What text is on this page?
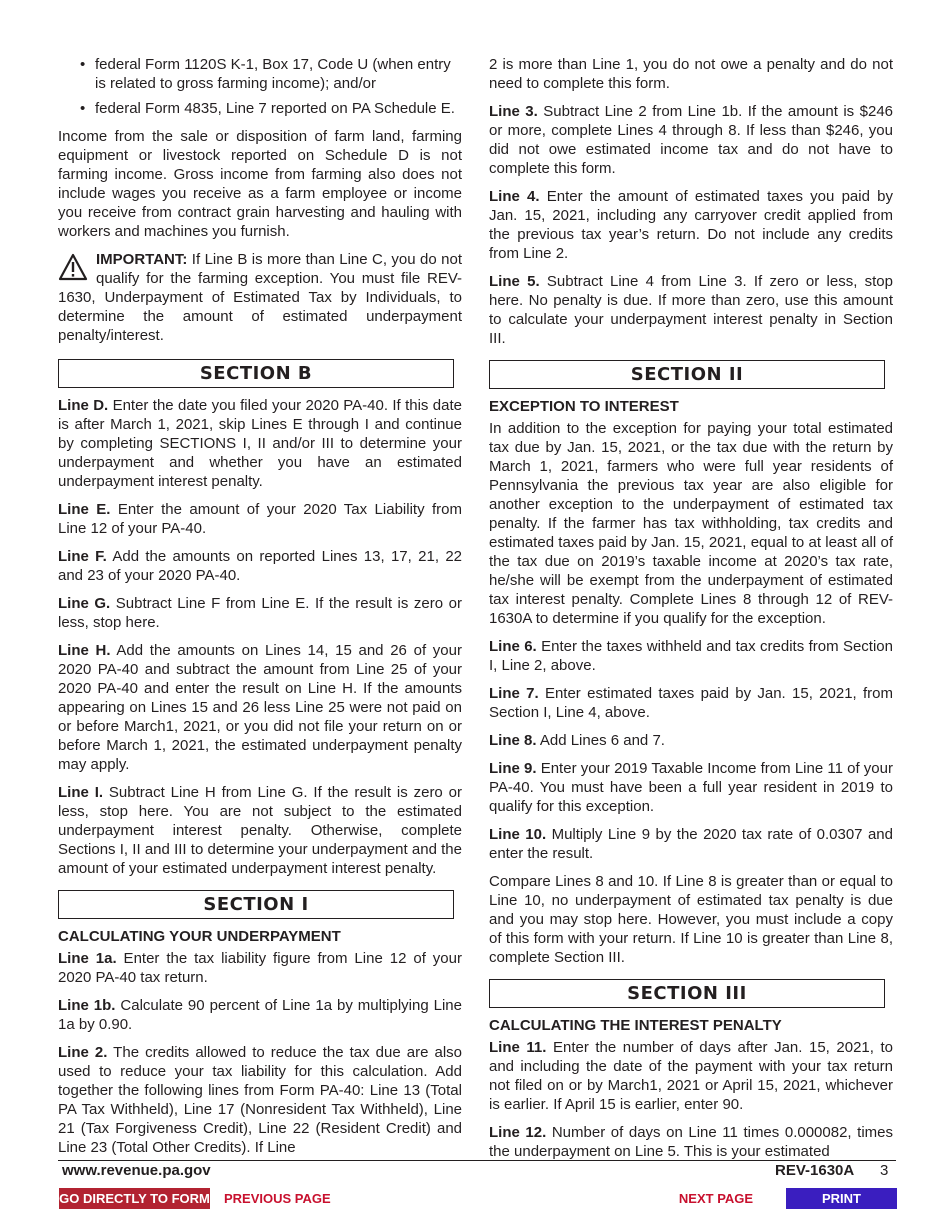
• federal Form 1120S K-1, Box 17, Code U (when entry is related to gross farming income); and/or
• federal Form 4835, Line 7 reported on PA Schedule E.

Income from the sale or disposition of farm land, farming equipment or livestock reported on Schedule D is not farming income. Gross income from farming also does not include wages you receive as a farm employee or income you receive from contract grain harvesting and hauling with workers and machines you furnish.

IMPORTANT: If Line B is more than Line C, you do not qualify for the farming exception. You must file REV-1630, Underpayment of Estimated Tax by Individuals, to determine the amount of estimated underpayment penalty/interest.

SECTION B

Line D. Enter the date you filed your 2020 PA-40. If this date is after March 1, 2021, skip Lines E through I and continue by completing SECTIONS I, II and/or III to determine your underpayment and whether you have an estimated underpayment interest penalty.

Line E. Enter the amount of your 2020 Tax Liability from Line 12 of your PA-40.

Line F. Add the amounts on reported Lines 13, 17, 21, 22 and 23 of your 2020 PA-40.

Line G. Subtract Line F from Line E. If the result is zero or less, stop here.

Line H. Add the amounts on Lines 14, 15 and 26 of your 2020 PA-40 and subtract the amount from Line 25 of your 2020 PA-40 and enter the result on Line H. If the amounts appearing on Lines 15 and 26 less Line 25 were not paid on or before March1, 2021, or you did not file your return on or before March 1, 2021, the estimated underpayment penalty may apply.

Line I. Subtract Line H from Line G. If the result is zero or less, stop here. You are not subject to the estimated underpayment interest penalty. Otherwise, complete Sections I, II and III to determine your underpayment and the amount of your estimated underpayment interest penalty.

SECTION I

CALCULATING YOUR UNDERPAYMENT

Line 1a. Enter the tax liability figure from Line 12 of your 2020 PA-40 tax return.

Line 1b. Calculate 90 percent of Line 1a by multiplying Line 1a by 0.90.

Line 2. The credits allowed to reduce the tax due are also used to reduce your tax liability for this calculation. Add together the following lines from Form PA-40: Line 13 (Total PA Tax Withheld), Line 17 (Nonresident Tax Withheld), Line 21 (Tax Forgiveness Credit), Line 22 (Resident Credit) and Line 23 (Total Other Credits). If Line

2 is more than Line 1, you do not owe a penalty and do not need to complete this form.

Line 3. Subtract Line 2 from Line 1b. If the amount is $246 or more, complete Lines 4 through 8. If less than $246, you did not owe estimated income tax and do not have to complete this form.

Line 4. Enter the amount of estimated taxes you paid by Jan. 15, 2021, including any carryover credit applied from the previous tax year’s return. Do not include any credits from Line 2.

Line 5. Subtract Line 4 from Line 3. If zero or less, stop here. No penalty is due. If more than zero, use this amount to calculate your underpayment interest penalty in Section III.

SECTION II

EXCEPTION TO INTEREST

In addition to the exception for paying your total estimated tax due by Jan. 15, 2021, or the tax due with the return by March 1, 2021, farmers who were full year residents of Pennsylvania the previous tax year are also eligible for another exception to the underpayment of estimated tax penalty. If the farmer has tax withholding, tax credits and estimated taxes paid by Jan. 15, 2021, equal to at least all of the tax due on 2019’s taxable income at 2020’s tax rate, he/she will be exempt from the underpayment of estimated tax interest penalty. Complete Lines 8 through 12 of REV-1630A to determine if you qualify for the exception.

Line 6. Enter the taxes withheld and tax credits from Section I, Line 2, above.

Line 7. Enter estimated taxes paid by Jan. 15, 2021, from Section I, Line 4, above.

Line 8. Add Lines 6 and 7.

Line 9. Enter your 2019 Taxable Income from Line 11 of your PA-40. You must have been a full year resident in 2019 to qualify for this exception.

Line 10. Multiply Line 9 by the 2020 tax rate of 0.0307 and enter the result.

Compare Lines 8 and 10. If Line 8 is greater than or equal to Line 10, no underpayment of estimated tax penalty is due and you may stop here. However, you must include a copy of this form with your return. If Line 10 is greater than Line 8, complete Section III.

SECTION III

CALCULATING THE INTEREST PENALTY

Line 11. Enter the number of days after Jan. 15, 2021, to and including the date of the payment with your tax return not filed on or by March1, 2021 or April 15, 2021, whichever is earlier. If April 15 is earlier, enter 90.

Line 12. Number of days on Line 11 times 0.000082, times the underpayment on Line 5. This is your estimated

www.revenue.pa.gov	REV-1630A 3
GO DIRECTLY TO FORM	PREVIOUS PAGE	NEXT PAGE	PRINT
